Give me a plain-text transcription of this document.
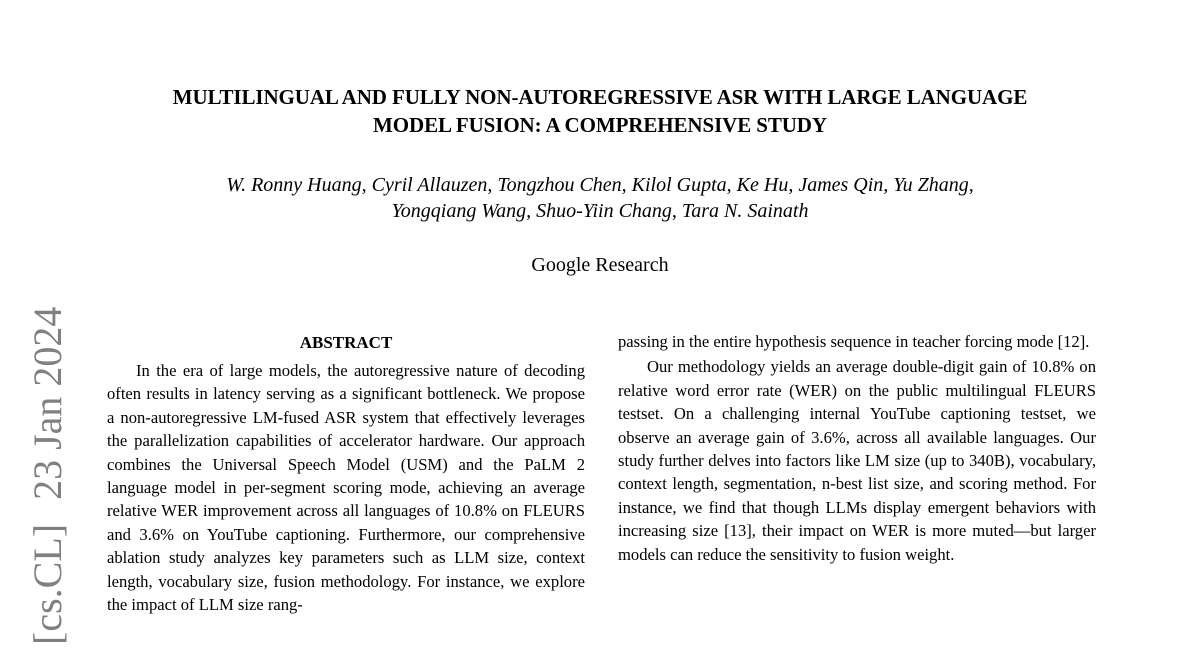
MULTILINGUAL AND FULLY NON-AUTOREGRESSIVE ASR WITH LARGE LANGUAGE
MODEL FUSION: A COMPREHENSIVE STUDY
W. Ronny Huang, Cyril Allauzen, Tongzhou Chen, Kilol Gupta, Ke Hu, James Qin, Yu Zhang,
Yongqiang Wang, Shuo-Yiin Chang, Tara N. Sainath
Google Research
[cs.CL]23 Jan 2024	ABSTRACT

In the era of large models, the autoregressive nature of decoding often results in latency serving as a significant bottleneck. We propose a non-autoregressive LM-fused ASR system that effectively leverages the parallelization capabilities of accelerator hardware. Our approach combines the Universal Speech Model (USM) and the PaLM 2 language model in per-segment scoring mode, achieving an average relative WER improvement across all languages of 10.8% on FLEURS and 3.6% on YouTube captioning. Furthermore, our comprehensive ablation study analyzes key parameters such as LLM size, context length, vocabulary size, fusion methodology. For instance, we explore the impact of LLM size rang-

passing in the entire hypothesis sequence in teacher forcing mode [12].

Our methodology yields an average double-digit gain of 10.8% on relative word error rate (WER) on the public multilingual FLEURS testset. On a challenging internal YouTube captioning testset, we observe an average gain of 3.6%, across all available languages. Our study further delves into factors like LM size (up to 340B), vocabulary, context length, segmentation, n-best list size, and scoring method. For instance, we find that though LLMs display emergent behaviors with increasing size [13], their impact on WER is more muted—but larger models can reduce the sensitivity to fusion weight.
